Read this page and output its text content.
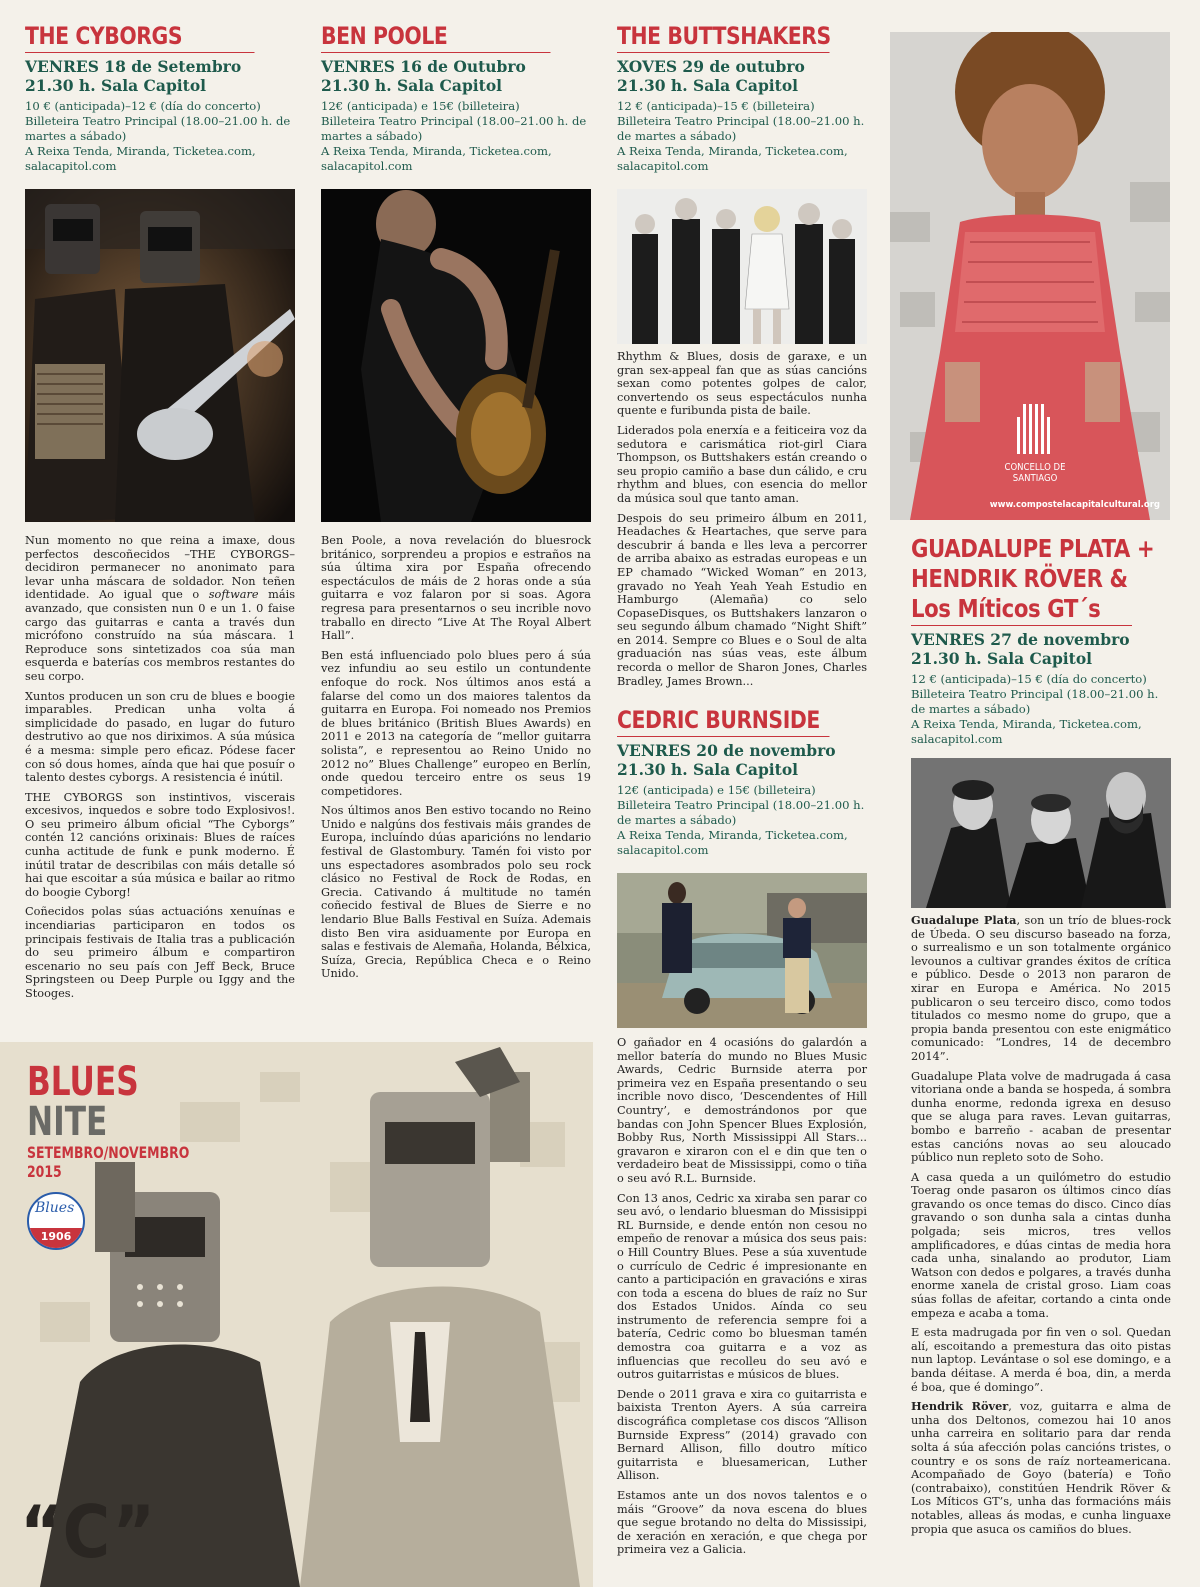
THE CYBORGS
VENRES 18 de Setembro
21.30 h. Sala Capitol
10 € (anticipada)–12 € (día do concerto)
Billeteira Teatro Principal (18.00–21.00 h. de martes a sábado)
A Reixa Tenda, Miranda, Ticketea.com,
salacapitol.com

Nun momento no que reina a imaxe, dous perfectos descoñecidos –THE CYBORGS– decidiron permanecer no anonimato para levar unha máscara de soldador. Non teñen identidade. Ao igual que o software máis avanzado, que consisten nun 0 e un 1. 0 faise cargo das guitarras e canta a través dun micrófono construído na súa máscara. 1 Reproduce sons sintetizados coa súa man esquerda e baterías cos membros restantes do seu corpo.

Xuntos producen un son cru de blues e boogie imparables. Predican unha volta á simplicidade do pasado, en lugar do futuro destrutivo ao que nos diriximos. A súa música é a mesma: simple pero eficaz. Pódese facer con só dous homes, aínda que hai que posuír o talento destes cyborgs. A resistencia é inútil.

THE CYBORGS son instintivos, viscerais excesivos, inquedos e sobre todo Explosivos!. O seu primeiro álbum oficial “The Cyborgs” contén 12 cancións orixinais: Blues de raíces cunha actitude de funk e punk moderno. É inútil tratar de describilas con máis detalle só hai que escoitar a súa música e bailar ao ritmo do boogie Cyborg!

Coñecidos polas súas actuacións xenuínas e incendiarias participaron en todos os principais festivais de Italia tras a publicación do seu primeiro álbum e compartiron escenario no seu país con Jeff Beck, Bruce Springsteen ou Deep Purple ou Iggy and the Stooges.

BEN POOLE
VENRES 16 de Outubro
21.30 h. Sala Capitol
12€ (anticipada) e 15€ (billeteira)
Billeteira Teatro Principal (18.00–21.00 h. de martes a sábado)
A Reixa Tenda, Miranda, Ticketea.com,
salacapitol.com

Ben Poole, a nova revelación do bluesrock británico, sorprendeu a propios e estraños na súa última xira por España ofrecendo espectáculos de máis de 2 horas onde a súa guitarra e voz falaron por si soas. Agora regresa para presentarnos o seu incrible novo traballo en directo “Live At The Royal Albert Hall”.

Ben está influenciado polo blues pero á súa vez infundiu ao seu estilo un contundente enfoque do rock. Nos últimos anos está a falarse del como un dos maiores talentos da guitarra en Europa. Foi nomeado nos Premios de blues británico (British Blues Awards) en 2011 e 2013 na categoría de “mellor guitarra solista”, e representou ao Reino Unido no 2012 no” Blues Challenge” europeo en Berlín, onde quedou terceiro entre os seus 19 competidores.

Nos últimos anos Ben estivo tocando no Reino Unido e nalgúns dos festivais máis grandes de Europa, incluíndo dúas aparicións no lendario festival de Glastombury. Tamén foi visto por uns espectadores asombrados polo seu rock clásico no Festival de Rock de Rodas, en Grecia. Cativando á multitude no tamén coñecido festival de Blues de Sierre e no lendario Blue Balls Festival en Suíza. Ademais disto Ben vira asiduamente por Europa en salas e festivais de Alemaña, Holanda, Bélxica, Suíza, Grecia, República Checa e o Reino Unido.

THE BUTTSHAKERS
XOVES 29 de outubro
21.30 h. Sala Capitol
12 € (anticipada)–15 € (billeteira)
Billeteira Teatro Principal (18.00–21.00 h. de martes a sábado)
A Reixa Tenda, Miranda, Ticketea.com,
salacapitol.com

Rhythm & Blues, dosis de garaxe, e un gran sex-appeal fan que as súas cancións sexan como potentes golpes de calor, convertendo os seus espectáculos nunha quente e furibunda pista de baile.

Liderados pola enerxía e a feiticeira voz da sedutora e carismática riot-girl Ciara Thompson, os Buttshakers están creando o seu propio camiño a base dun cálido, e cru rhythm and blues, con esencia do mellor da música soul que tanto aman.

Despois do seu primeiro álbum en 2011, Headaches & Heartaches, que serve para descubrir á banda e lles leva a percorrer de arriba abaixo as estradas europeas e un EP chamado “Wicked Woman” en 2013, gravado no Yeah Yeah Yeah Estudio en Hamburgo (Alemaña) co selo CopaseDisques, os Buttshakers lanzaron o seu segundo álbum chamado “Night Shift” en 2014. Sempre co Blues e o Soul de alta graduación nas súas veas, este álbum recorda o mellor de Sharon Jones, Charles Bradley, James Brown...

CEDRIC BURNSIDE
VENRES 20 de novembro
21.30 h. Sala Capitol
12€ (anticipada) e 15€ (billeteira)
Billeteira Teatro Principal (18.00–21.00 h. de martes a sábado)
A Reixa Tenda, Miranda, Ticketea.com,
salacapitol.com

O gañador en 4 ocasións do galardón a mellor batería do mundo no Blues Music Awards, Cedric Burnside aterra por primeira vez en España presentando o seu incrible novo disco, ‘Descendentes of Hill Country’, e demostrándonos por que bandas con John Spencer Blues Explosión, Bobby Rus, North Mississippi All Stars... gravaron e xiraron con el e din que ten o verdadeiro beat de Mississippi, como o tiña o seu avó R.L. Burnside.

Con 13 anos, Cedric xa xiraba sen parar co seu avó, o lendario bluesman do Missisippi RL Burnside, e dende entón non cesou no empeño de renovar a música dos seus pais: o Hill Country Blues. Pese a súa xuventude o currículo de Cedric é impresionante en canto a participación en gravacións e xiras con toda a escena do blues de raíz no Sur dos Estados Unidos. Aínda co seu instrumento de referencia sempre foi a batería, Cedric como bo bluesman tamén demostra coa guitarra e a voz as influencias que recolleu do seu avó e outros guitarristas e músicos de blues.

Dende o 2011 grava e xira co guitarrista e baixista Trenton Ayers. A súa carreira discográfica completase cos discos “Allison Burnside Express” (2014) gravado con Bernard Allison, fillo doutro mítico guitarrista e bluesamerican, Luther Allison.

Estamos ante un dos novos talentos e o máis “Groove” da nova escena do blues que segue brotando no delta do Mississipi, de xeración en xeración, e que chega por primeira vez a Galicia.

CONCELLO DE SANTIAGO
www.compostelacapitalcultural.org
GUADALUPE PLATA +
HENDRIK RÖVER &
Los Míticos GT´s
VENRES 27 de novembro
21.30 h. Sala Capitol
12 € (anticipada)–15 € (día do concerto)
Billeteira Teatro Principal (18.00–21.00 h. de martes a sábado)
A Reixa Tenda, Miranda, Ticketea.com,
salacapitol.com

Guadalupe Plata, son un trío de blues-rock de Úbeda. O seu discurso baseado na forza, o surrealismo e un son totalmente orgánico levounos a cultivar grandes éxitos de crítica e público. Desde o 2013 non pararon de xirar en Europa e América. No 2015 publicaron o seu terceiro disco, como todos titulados co mesmo nome do grupo, que a propia banda presentou con este enigmático comunicado: “Londres, 14 de decembro 2014”.

Guadalupe Plata volve de madrugada á casa vitoriana onde a banda se hospeda, á sombra dunha enorme, redonda igrexa en desuso que se aluga para raves. Levan guitarras, bombo e barreño - acaban de presentar estas cancións novas ao seu aloucado público nun repleto soto de Soho.

A casa queda a un quilómetro do estudio Toerag onde pasaron os últimos cinco días gravando os once temas do disco. Cinco días gravando o son dunha sala a cintas dunha polgada; seis micros, tres vellos amplificadores, e dúas cintas de media hora cada unha, sinalando ao produtor, Liam Watson con dedos e polgares, a través dunha enorme xanela de cristal groso. Liam coas súas follas de afeitar, cortando a cinta onde empeza e acaba a toma.

E esta madrugada por fin ven o sol. Quedan alí, escoitando a premestura das oito pistas nun laptop. Levántase o sol ese domingo, e a banda déitase. A merda é boa, din, a merda é boa, que é domingo”.

Hendrik Röver, voz, guitarra e alma de unha dos Deltonos, comezou hai 10 anos unha carreira en solitario para dar renda solta á súa afección polas cancións tristes, o country e os sons de raíz norteamericana. Acompañado de Goyo (batería) e Toño (contrabaixo), constitúen Hendrik Röver & Los Míticos GT’s, unha das formacións máis notables, alleas ás modas, e cunha linguaxe propia que asuca os camiños do blues.

BLUES
NITE
SETEMBRO/NOVEMBRO
2015
Blues
1906
“C”
